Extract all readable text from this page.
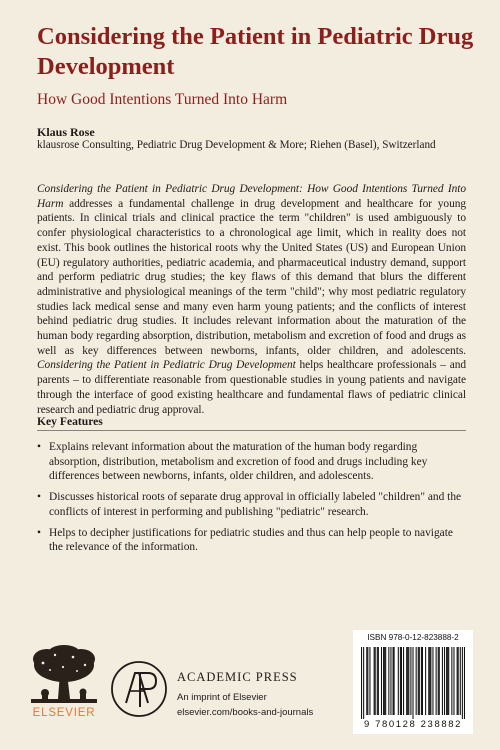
Considering the Patient in Pediatric Drug Development
How Good Intentions Turned Into Harm
Klaus Rose
klausrose Consulting, Pediatric Drug Development & More; Riehen (Basel), Switzerland

Considering the Patient in Pediatric Drug Development: How Good Intentions Turned Into Harm addresses a fundamental challenge in drug development and healthcare for young patients. In clinical trials and clinical practice the term "children" is used ambiguously to confer physiological characteristics to a chronological age limit, which in reality does not exist. This book outlines the historical roots why the United States (US) and European Union (EU) regulatory authorities, pediatric academia, and pharmaceutical industry demand, support and perform pediatric drug studies; the key flaws of this demand that blurs the different administrative and physiological meanings of the term "child"; why most pediatric regulatory studies lack medical sense and many even harm young patients; and the conflicts of interest behind pediatric drug studies. It includes relevant information about the maturation of the human body regarding absorption, distribution, metabolism and excretion of food and drugs as well as key differences between newborns, infants, older children, and adolescents. Considering the Patient in Pediatric Drug Development helps healthcare professionals – and parents – to differentiate reasonable from questionable studies in young patients and navigate through the interface of good existing healthcare and fundamental flaws of pediatric clinical research and pediatric drug approval.

Key Features
• Explains relevant information about the maturation of the human body regarding absorption, distribution, metabolism and excretion of food and drugs including key differences between newborns, infants, older children, and adolescents.
• Discusses historical roots of separate drug approval in officially labeled "children" and the conflicts of interest in performing and publishing "pediatric" research.
• Helps to decipher justifications for pediatric studies and thus can help people to navigate the relevance of the information.
ELSEVIER
ACADEMIC PRESS
An imprint of Elsevier
elsevier.com/books-and-journals
ISBN 978-0-12-823888-2
9 780128 238882
